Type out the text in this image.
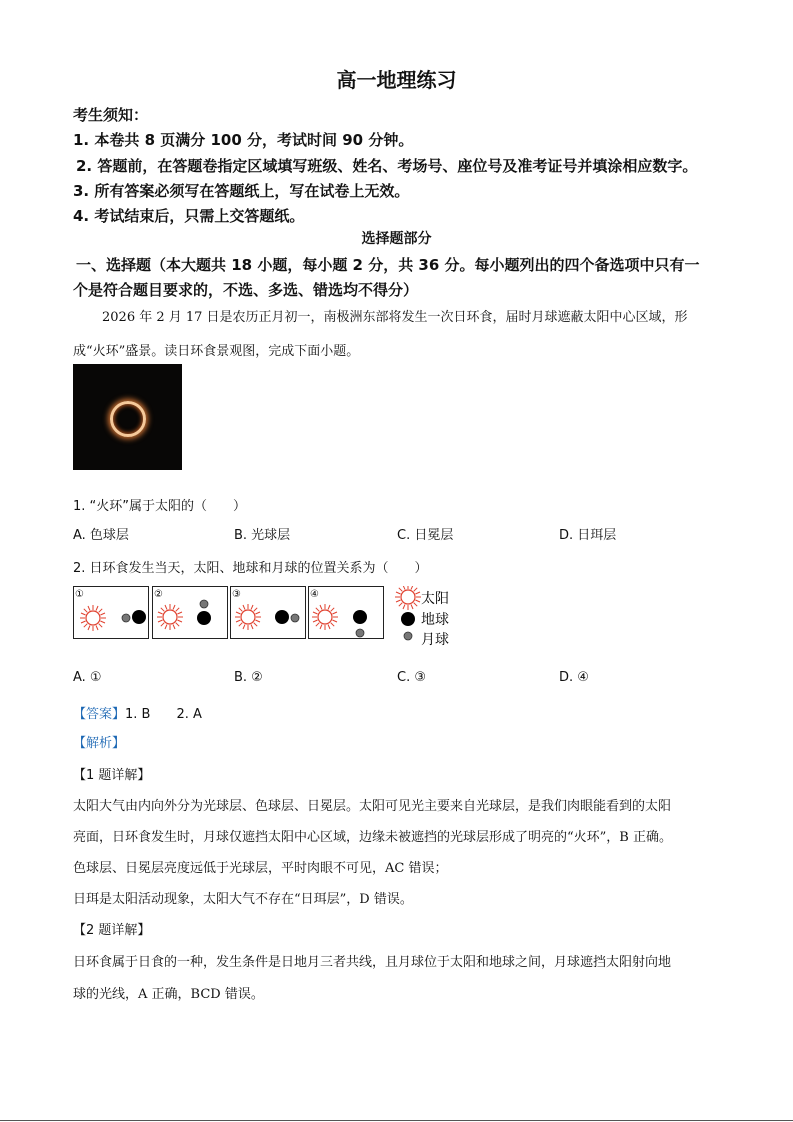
高一地理练习
考生须知：
1. 本卷共 8 页满分 100 分，考试时间 90 分钟。
2. 答题前，在答题卷指定区域填写班级、姓名、考场号、座位号及准考证号并填涂相应数字。
3. 所有答案必须写在答题纸上，写在试卷上无效。
4. 考试结束后，只需上交答题纸。
选择题部分
一、选择题（本大题共 18 小题，每小题 2 分，共 36 分。每小题列出的四个备选项中只有一
个是符合题目要求的，不选、多选、错选均不得分）
2026 年 2 月 17 日是农历正月初一，南极洲东部将发生一次日环食，届时月球遮蔽太阳中心区域，形
成“火环”盛景。读日环食景观图，完成下面小题。
1. “火环”属于太阳的（　　）
A. 色球层	B. 光球层	C. 日冕层	D. 日珥层
2. 日环食发生当天，太阳、地球和月球的位置关系为（　　）
①	②	③	④	太阳
地球
月球
A. ①	B. ②	C. ③	D. ④
【答案】1. B　　2. A
【解析】
【1 题详解】
太阳大气由内向外分为光球层、色球层、日冕层。太阳可见光主要来自光球层，是我们肉眼能看到的太阳
亮面，日环食发生时，月球仅遮挡太阳中心区域，边缘未被遮挡的光球层形成了明亮的“火环”，B 正确。
色球层、日冕层亮度远低于光球层，平时肉眼不可见，AC 错误；
日珥是太阳活动现象，太阳大气不存在“日珥层”，D 错误。
【2 题详解】
日环食属于日食的一种，发生条件是日地月三者共线，且月球位于太阳和地球之间，月球遮挡太阳射向地
球的光线，A 正确，BCD 错误。
